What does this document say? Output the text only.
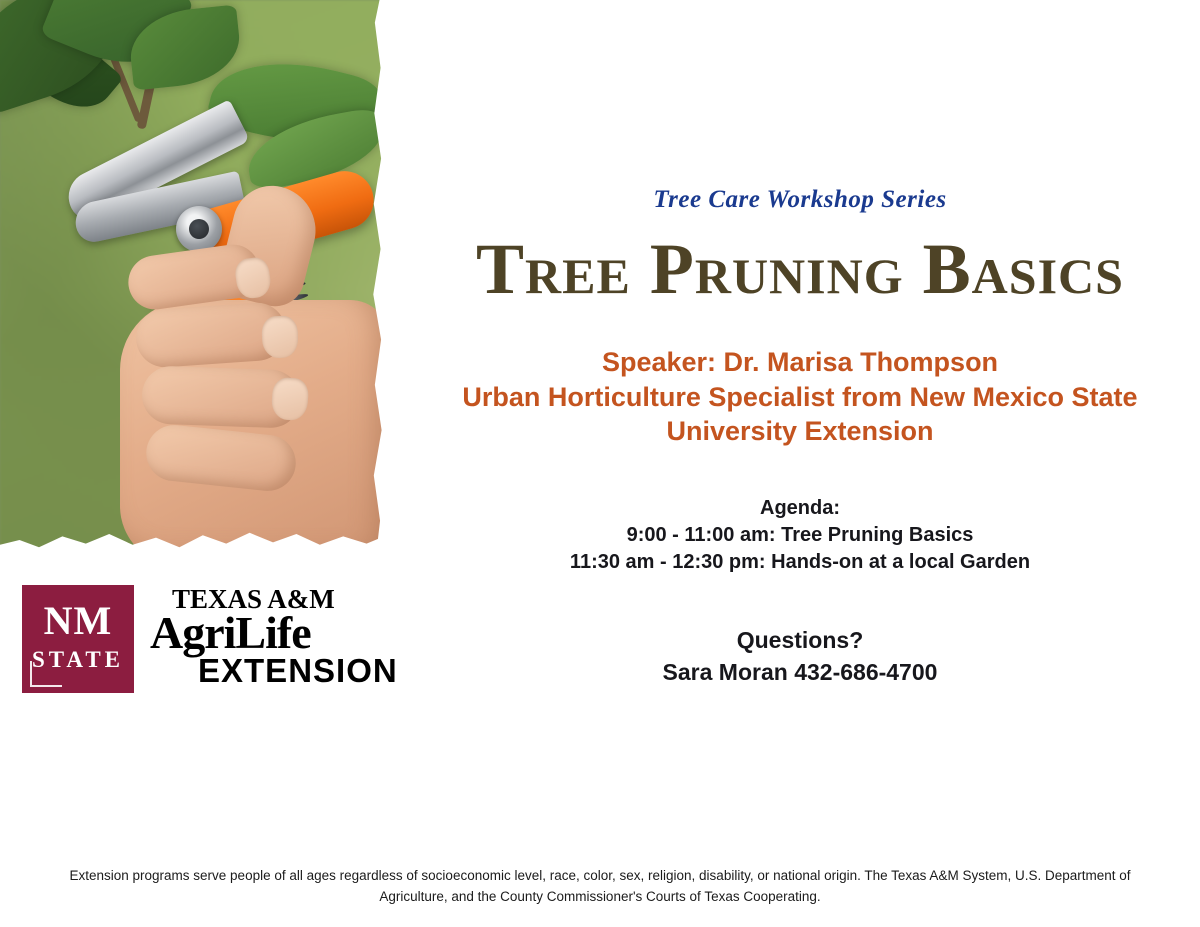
NM
STATE
TEXAS A&M
AgriLife
EXTENSION
Tree Care Workshop Series
Tree Pruning Basics
Speaker: Dr. Marisa Thompson
Urban Horticulture Specialist from New Mexico State
University Extension
Agenda:
9:00 - 11:00 am: Tree Pruning Basics
11:30 am - 12:30 pm: Hands-on at a local Garden
Questions?
Sara Moran 432-686-4700
Extension programs serve people of all ages regardless of socioeconomic level, race, color, sex, religion, disability, or national origin. The Texas A&M System, U.S. Department of Agriculture, and the County Commissioner's Courts of Texas Cooperating.
